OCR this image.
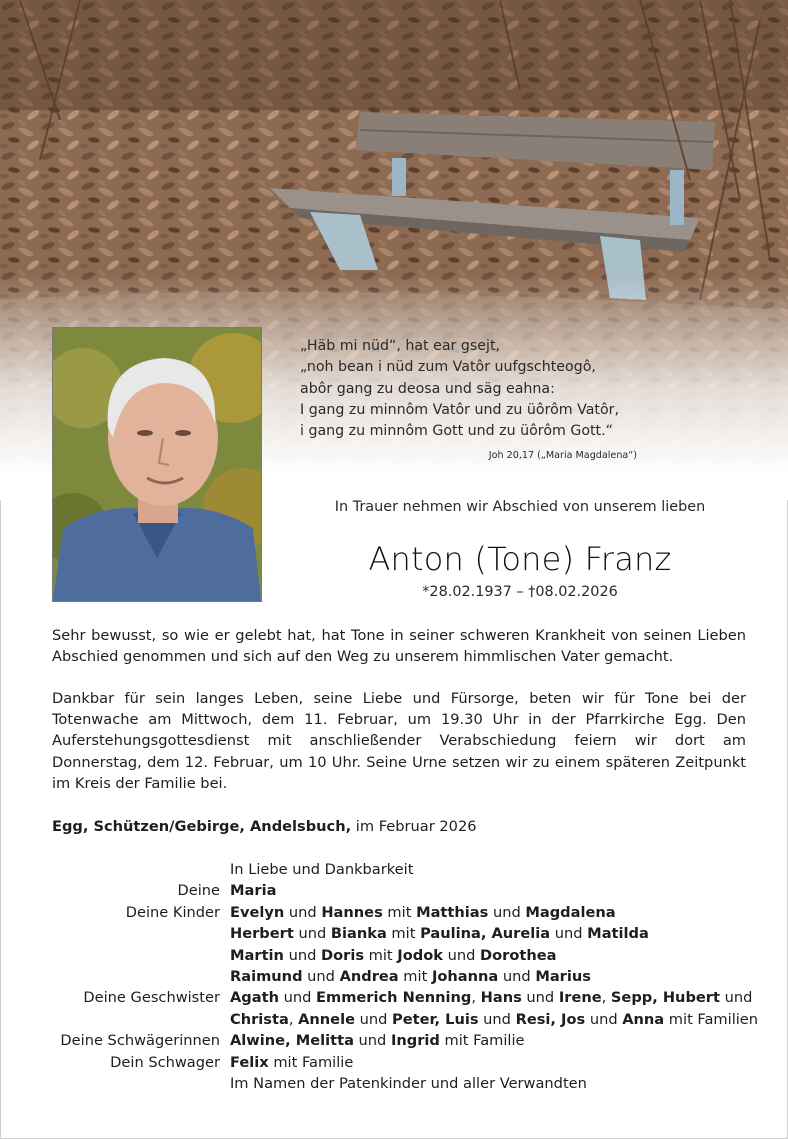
„Häb mi nüd“, hat ear gsejt,
„noh bean i nüd zum Vatôr uufgschteogô,
abôr gang zu deosa und säg eahna:
I gang zu minnôm Vatôr und zu üôrôm Vatôr,
i gang zu minnôm Gott und zu üôrôm Gott.“
Joh 20,17 („Maria Magdalena“)
In Trauer nehmen wir Abschied von unserem lieben
Anton (Tone) Franz
*28.02.1937 – †08.02.2026
Sehr bewusst, so wie er gelebt hat, hat Tone in seiner schweren Krankheit von seinen Lieben Abschied genommen und sich auf den Weg zu unserem himmlischen Vater gemacht.
Dankbar für sein langes Leben, seine Liebe und Fürsorge, beten wir für Tone bei der Totenwache am Mittwoch, dem 11. Februar, um 19.30 Uhr in der Pfarrkirche Egg. Den Auferstehungsgottesdienst mit anschließender Verabschiedung feiern wir dort am Donnerstag, dem 12. Februar, um 10 Uhr. Seine Urne setzen wir zu einem späteren Zeitpunkt im Kreis der Familie bei.
Egg, Schützen/Gebirge, Andelsbuch, im Februar 2026
In Liebe und Dankbarkeit
Deine Maria
Deine Kinder Evelyn und Hannes mit Matthias und Magdalena
Herbert und Bianka mit Paulina, Aurelia und Matilda
Martin und Doris mit Jodok und Dorothea
Raimund und Andrea mit Johanna und Marius
Deine Geschwister Agath und Emmerich Nenning, Hans und Irene, Sepp, Hubert und
Christa, Annele und Peter, Luis und Resi, Jos und Anna mit Familien
Deine Schwägerinnen Alwine, Melitta und Ingrid mit Familie
Dein Schwager Felix mit Familie
Im Namen der Patenkinder und aller Verwandten
